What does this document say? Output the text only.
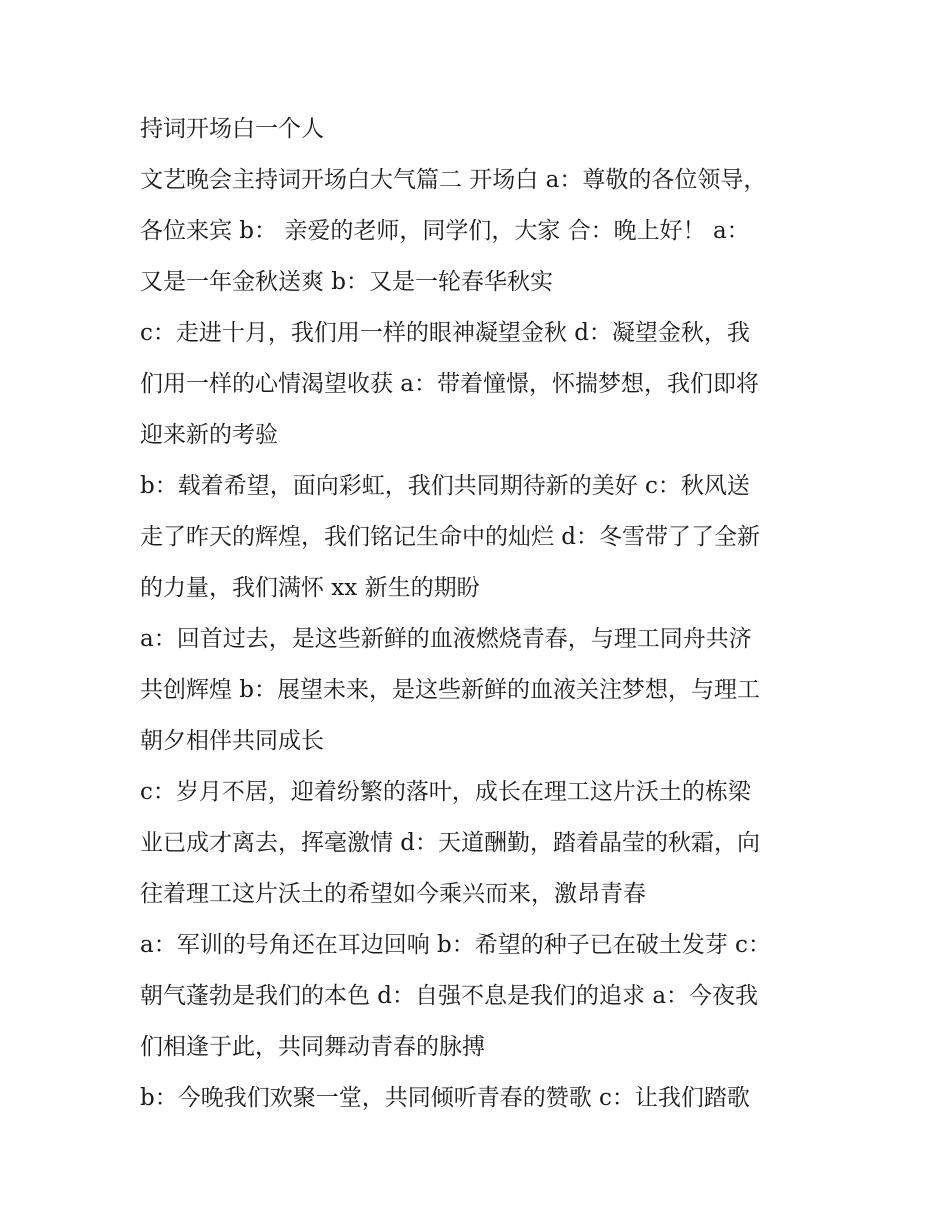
持词开场白一个人
文艺晚会主持词开场白大气篇二 开场白 a：尊敬的各位领导，
各位来宾 b： 亲爱的老师，同学们，大家 合：晚上好！ a：
又是一年金秋送爽 b：又是一轮春华秋实
c：走进十月，我们用一样的眼神凝望金秋 d：凝望金秋，我
们用一样的心情渴望收获 a：带着憧憬，怀揣梦想，我们即将
迎来新的考验
b：载着希望，面向彩虹，我们共同期待新的美好 c：秋风送
走了昨天的辉煌，我们铭记生命中的灿烂 d：冬雪带了了全新
的力量，我们满怀 xx 新生的期盼
a：回首过去，是这些新鲜的血液燃烧青春，与理工同舟共济
共创辉煌 b：展望未来，是这些新鲜的血液关注梦想，与理工
朝夕相伴共同成长
c：岁月不居，迎着纷繁的落叶，成长在理工这片沃土的栋梁
业已成才离去，挥毫激情 d：天道酬勤，踏着晶莹的秋霜，向
往着理工这片沃土的希望如今乘兴而来，激昂青春
a：军训的号角还在耳边回响 b：希望的种子已在破土发芽 c：
朝气蓬勃是我们的本色 d：自强不息是我们的追求 a：今夜我
们相逢于此，共同舞动青春的脉搏
b：今晚我们欢聚一堂，共同倾听青春的赞歌 c：让我们踏歌
